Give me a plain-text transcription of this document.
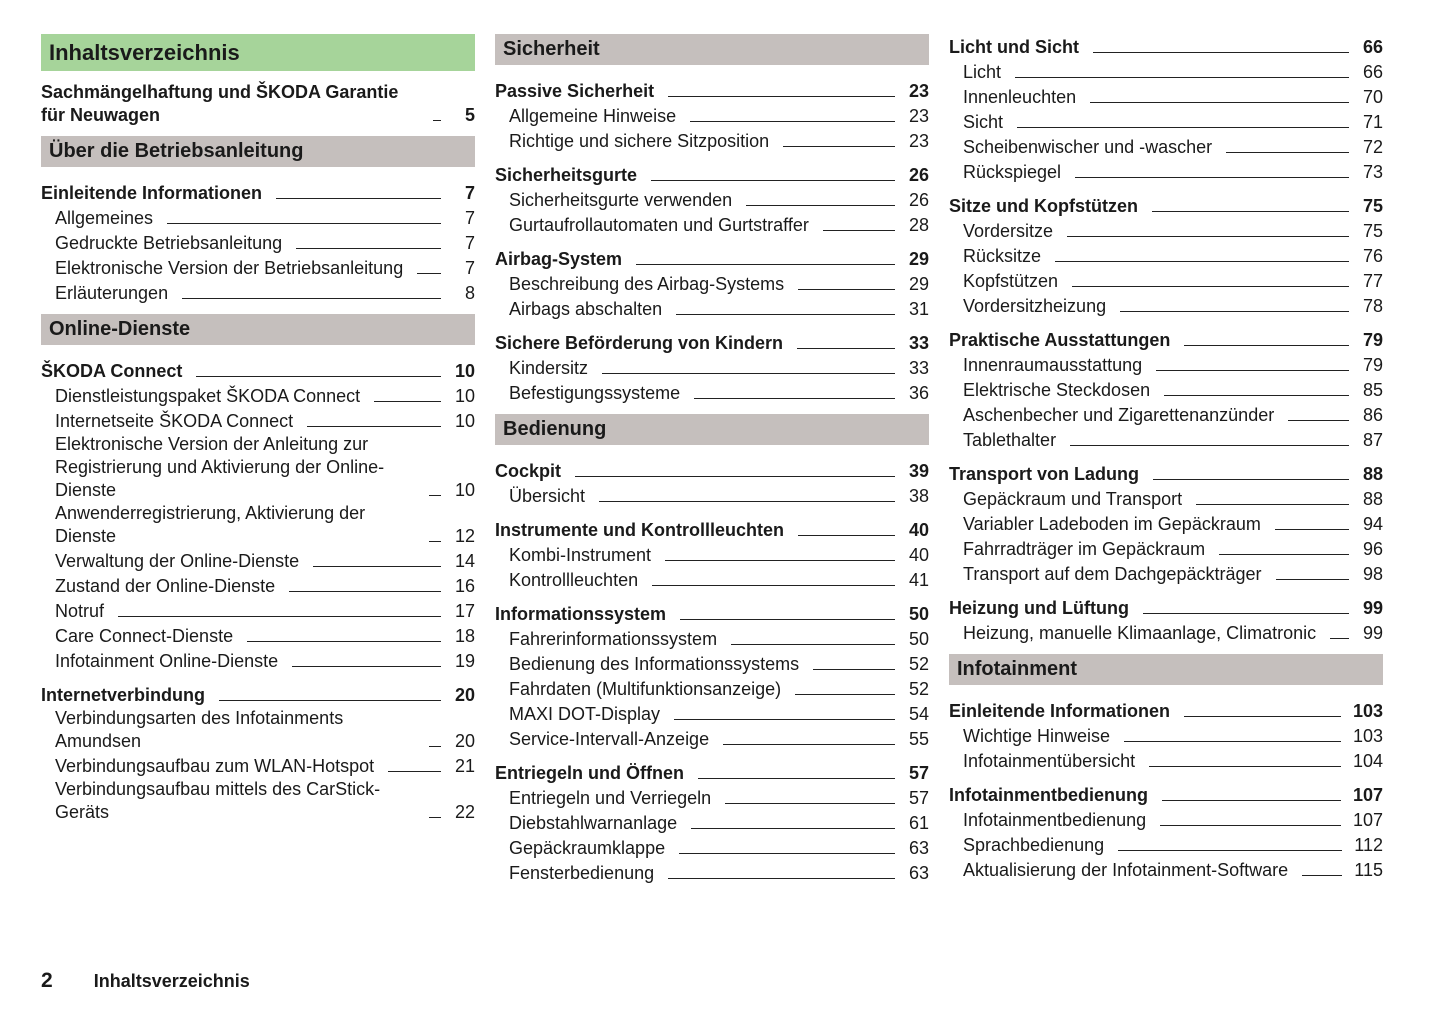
Inhaltsverzeichnis
Sachmängelhaftung und ŠKODA Garantie für Neuwagen	5
Über die Betriebsanleitung
Einleitende Informationen	7
Allgemeines	7
Gedruckte Betriebsanleitung	7
Elektronische Version der Betriebsanleitung	7
Erläuterungen	8
Online-Dienste
ŠKODA Connect	10
Dienstleistungspaket ŠKODA Connect	10
Internetseite ŠKODA Connect	10
Elektronische Version der Anleitung zur Registrierung und Aktivierung der Online-Dienste	10
Anwenderregistrierung, Aktivierung der Dienste	12
Verwaltung der Online-Dienste	14
Zustand der Online-Dienste	16
Notruf	17
Care Connect-Dienste	18
Infotainment Online-Dienste	19
Internetverbindung	20
Verbindungsarten des Infotainments Amundsen	20
Verbindungsaufbau zum WLAN-Hotspot	21
Verbindungsaufbau mittels des CarStick-Geräts	22
Sicherheit
Passive Sicherheit	23
Allgemeine Hinweise	23
Richtige und sichere Sitzposition	23
Sicherheitsgurte	26
Sicherheitsgurte verwenden	26
Gurtaufrollautomaten und Gurtstraffer	28
Airbag-System	29
Beschreibung des Airbag-Systems	29
Airbags abschalten	31
Sichere Beförderung von Kindern	33
Kindersitz	33
Befestigungssysteme	36
Bedienung
Cockpit	39
Übersicht	38
Instrumente und Kontrollleuchten	40
Kombi-Instrument	40
Kontrollleuchten	41
Informationssystem	50
Fahrerinformationssystem	50
Bedienung des Informationssystems	52
Fahrdaten (Multifunktionsanzeige)	52
MAXI DOT-Display	54
Service-Intervall-Anzeige	55
Entriegeln und Öffnen	57
Entriegeln und Verriegeln	57
Diebstahlwarnanlage	61
Gepäckraumklappe	63
Fensterbedienung	63
Licht und Sicht	66
Licht	66
Innenleuchten	70
Sicht	71
Scheibenwischer und -wascher	72
Rückspiegel	73
Sitze und Kopfstützen	75
Vordersitze	75
Rücksitze	76
Kopfstützen	77
Vordersitzheizung	78
Praktische Ausstattungen	79
Innenraumausstattung	79
Elektrische Steckdosen	85
Aschenbecher und Zigarettenanzünder	86
Tablethalter	87
Transport von Ladung	88
Gepäckraum und Transport	88
Variabler Ladeboden im Gepäckraum	94
Fahrradträger im Gepäckraum	96
Transport auf dem Dachgepäckträger	98
Heizung und Lüftung	99
Heizung, manuelle Klimaanlage, Climatronic	99
Infotainment
Einleitende Informationen	103
Wichtige Hinweise	103
Infotainmentübersicht	104
Infotainmentbedienung	107
Infotainmentbedienung	107
Sprachbedienung	112
Aktualisierung der Infotainment-Software	115
2 Inhaltsverzeichnis
